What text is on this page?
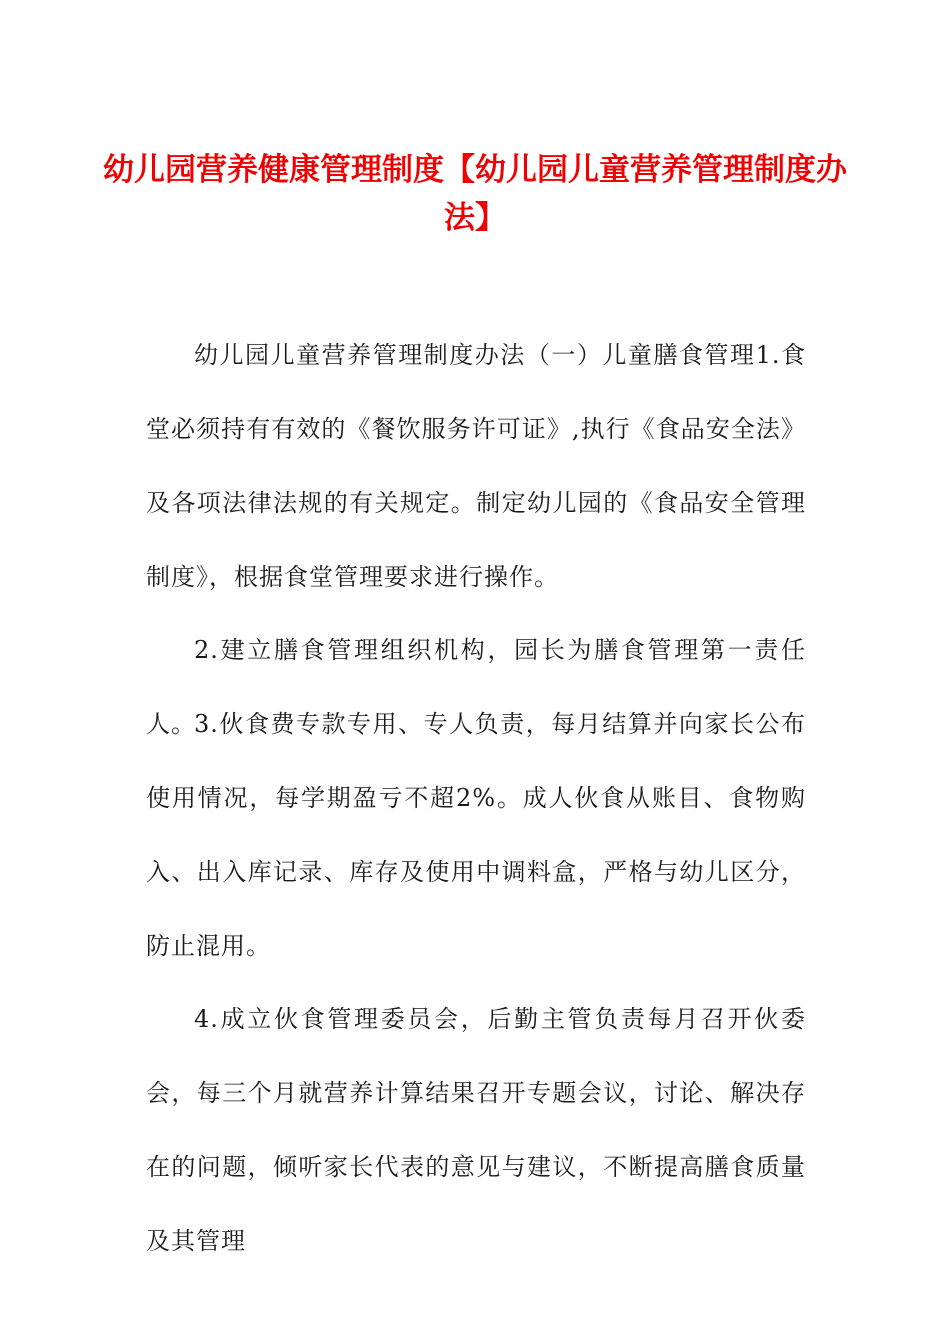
幼儿园营养健康管理制度【幼儿园儿童营养管理制度办法】

幼儿园儿童营养管理制度办法（一）儿童膳食管理1.食堂必须持有有效的《餐饮服务许可证》,执行《食品安全法》及各项法律法规的有关规定。制定幼儿园的《食品安全管理制度》，根据食堂管理要求进行操作。

2.建立膳食管理组织机构，园长为膳食管理第一责任人。

3.伙食费专款专用、专人负责，每月结算并向家长公布使用情况，每学期盈亏不超2%。成人伙食从账目、食物购入、出入库记录、库存及使用中调料盒，严格与幼儿区分，防止混用。

4.成立伙食管理委员会，后勤主管负责每月召开伙委会，每三个月就营养计算结果召开专题会议，讨论、解决存在的问题，倾听家长代表的意见与建议，不断提高膳食质量及其管理
